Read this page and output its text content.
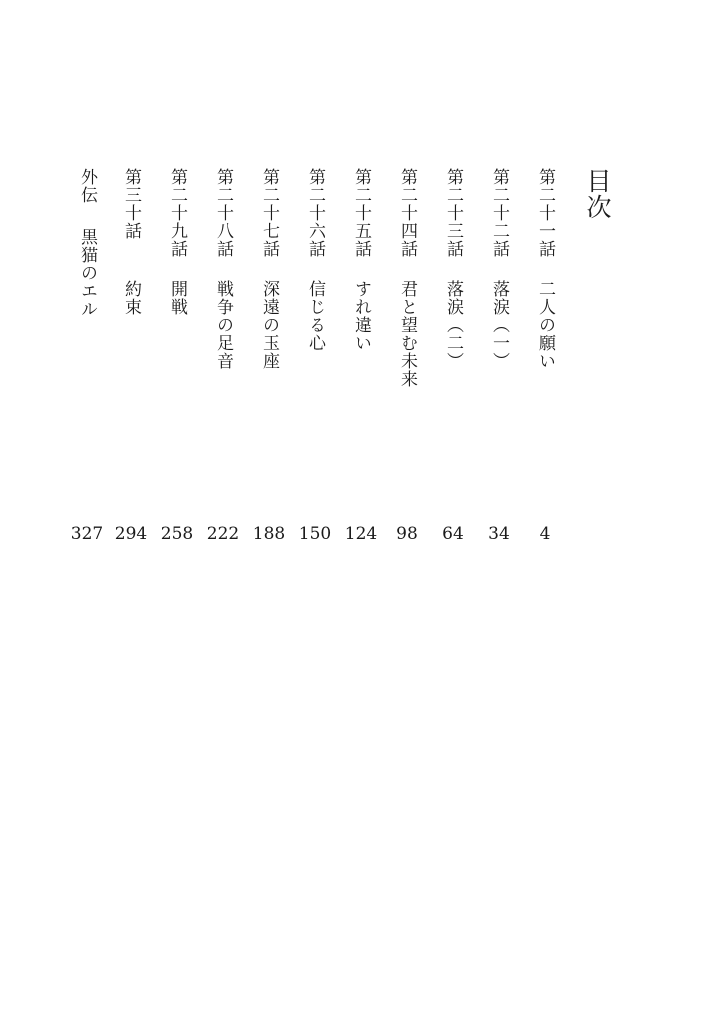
目次
第二十一話
二人の願い
4
第二十二話
落涙（一）
34
第二十三話
落涙（二）
64
第二十四話
君と望む未来
98
第二十五話
すれ違い
124
第二十六話
信じる心
150
第二十七話
深遠の玉座
188
第二十八話
戦争の足音
222
第二十九話
開戦
258
第三十話
約束
294
外伝
黒猫のエル
327
